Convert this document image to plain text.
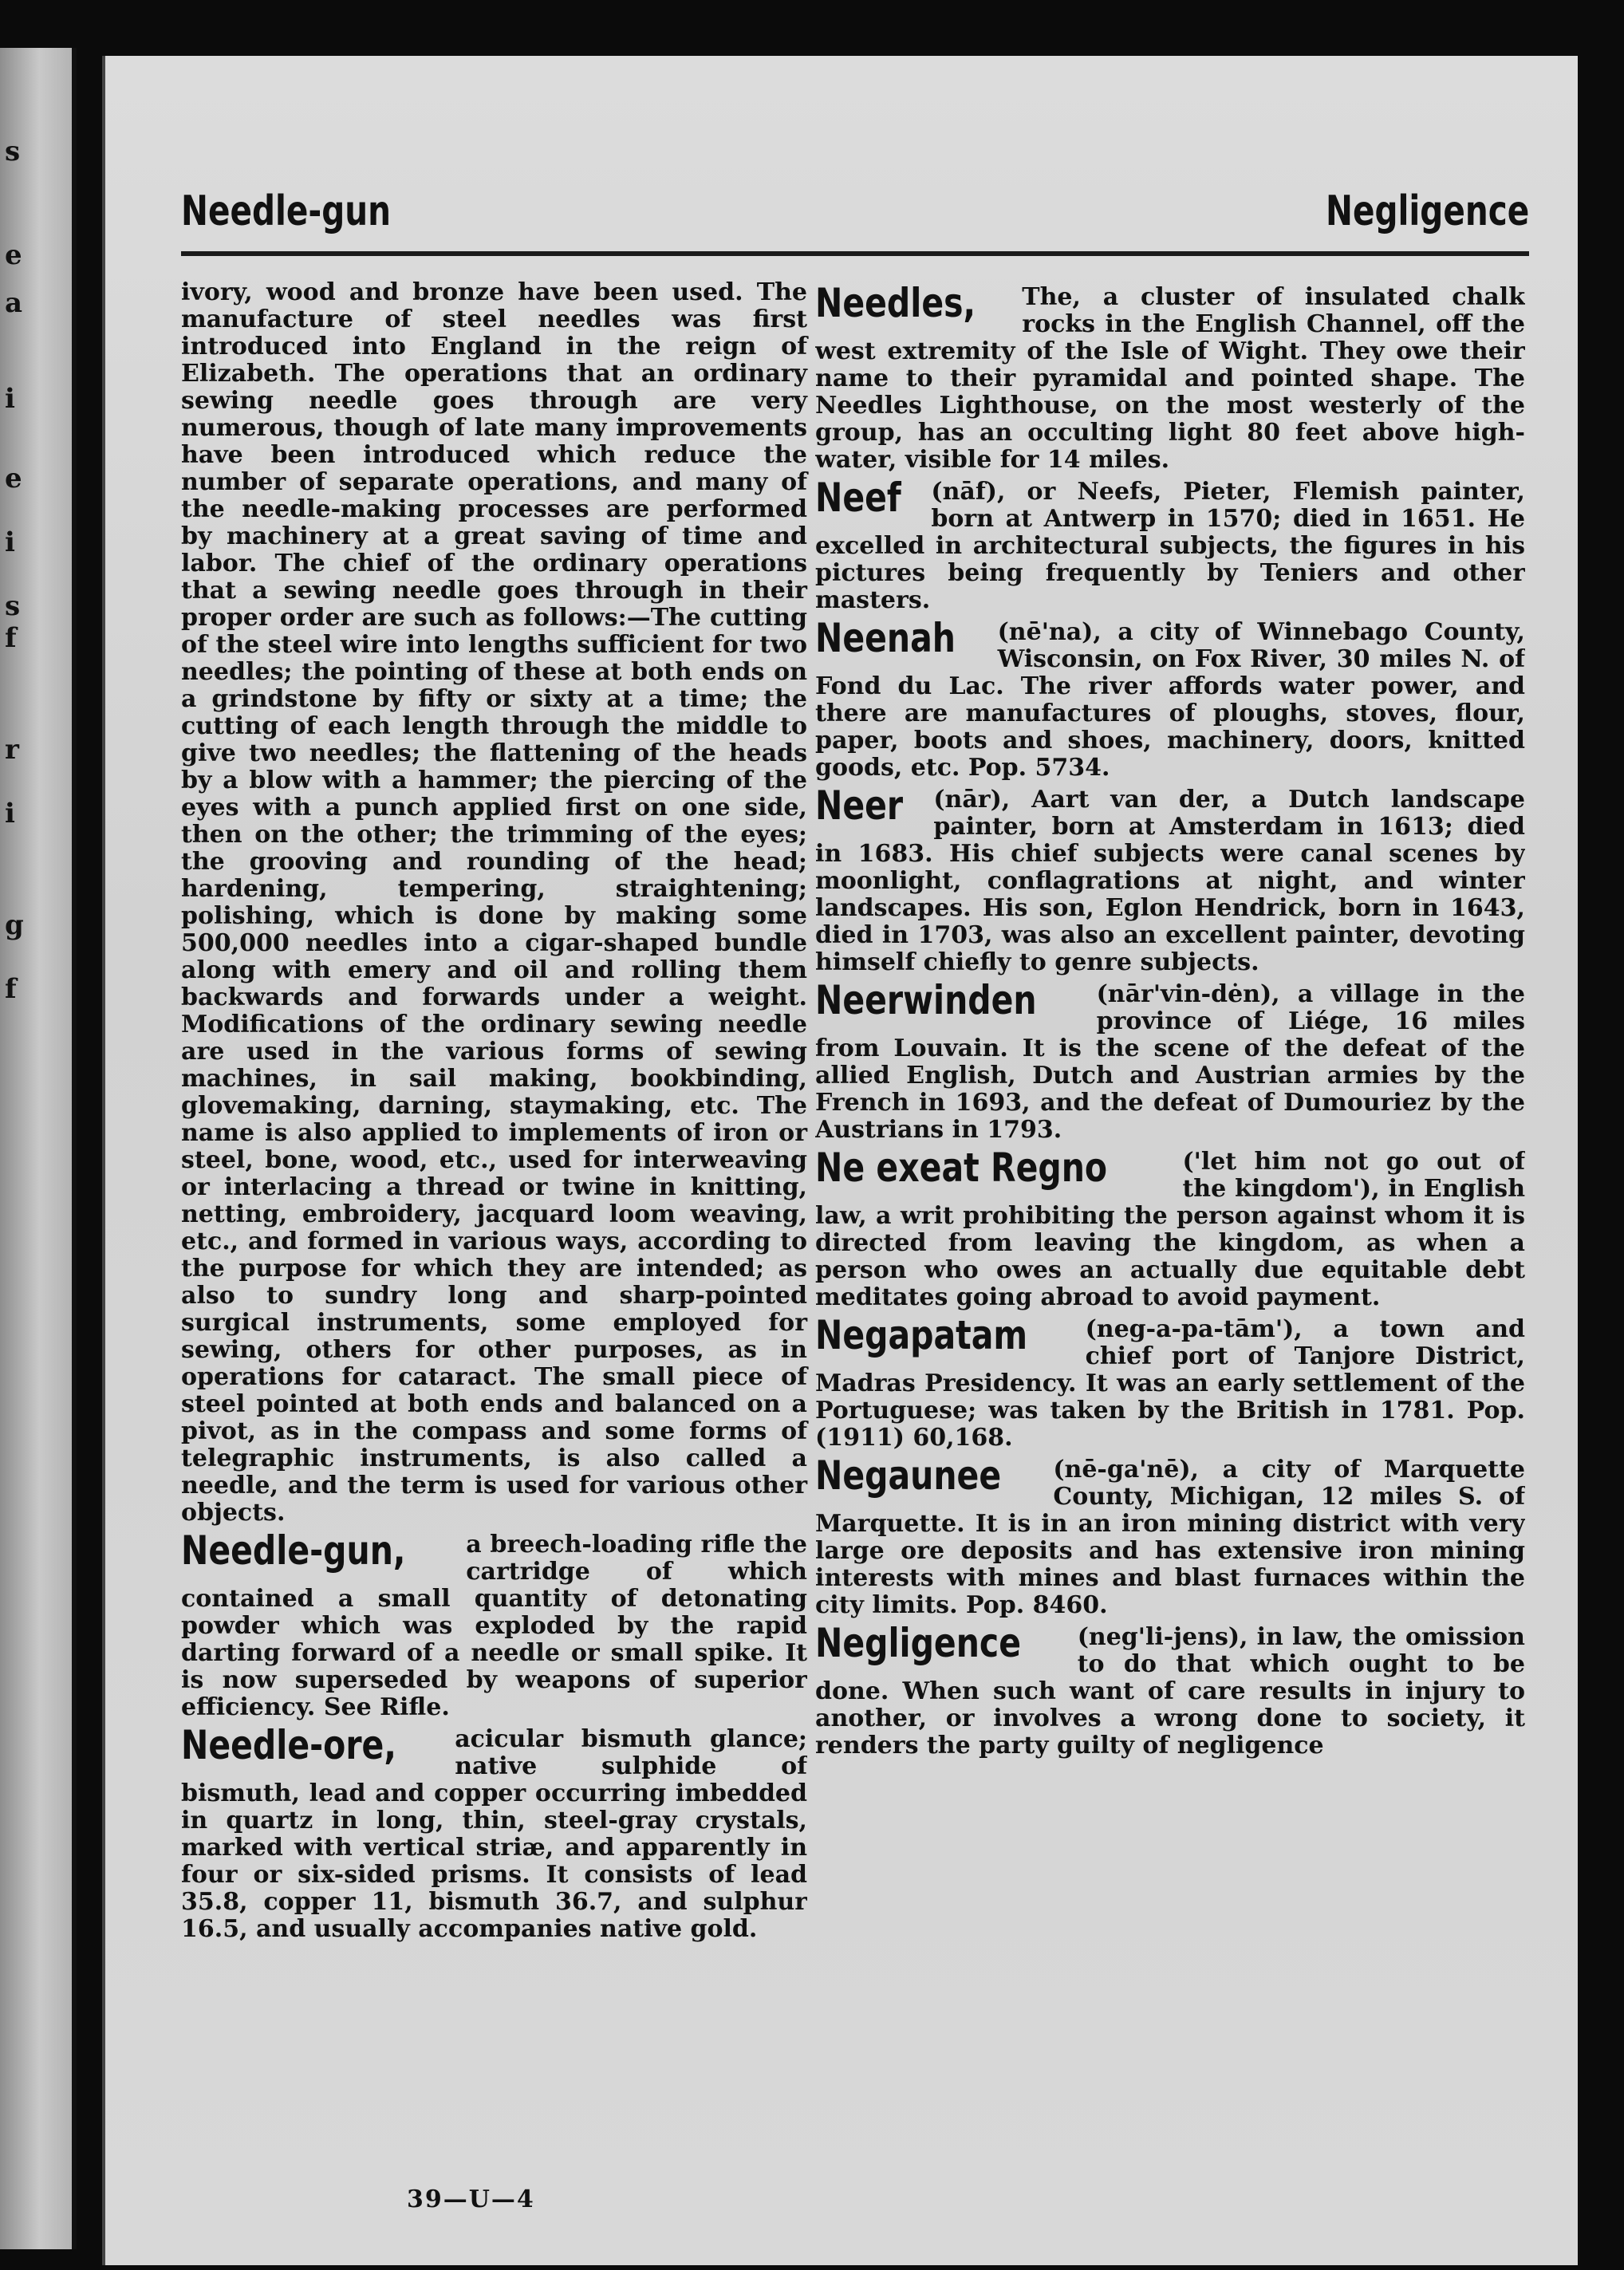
s
e
a
i
e
i
s
f
r
i
g
f
Needle-gun	Negligence

ivory, wood and bronze have been used. The manufacture of steel needles was first introduced into England in the reign of Elizabeth. The operations that an ordinary sewing needle goes through are very numerous, though of late many improvements have been introduced which reduce the number of separate operations, and many of the needle-making processes are performed by machinery at a great saving of time and labor. The chief of the ordinary operations that a sewing needle goes through in their proper order are such as follows:—The cutting of the steel wire into lengths sufficient for two needles; the pointing of these at both ends on a grindstone by fifty or sixty at a time; the cutting of each length through the middle to give two needles; the flattening of the heads by a blow with a hammer; the piercing of the eyes with a punch applied first on one side, then on the other; the trimming of the eyes; the grooving and rounding of the head; hardening, tempering, straightening; polishing, which is done by making some 500,000 needles into a cigar-shaped bundle along with emery and oil and rolling them backwards and forwards under a weight. Modifications of the ordinary sewing needle are used in the various forms of sewing machines, in sail making, bookbinding, glovemaking, darning, staymaking, etc. The name is also applied to implements of iron or steel, bone, wood, etc., used for interweaving or interlacing a thread or twine in knitting, netting, embroidery, jacquard loom weaving, etc., and formed in various ways, according to the purpose for which they are intended; as also to sundry long and sharp-pointed surgical instruments, some employed for sewing, others for other purposes, as in operations for cataract. The small piece of steel pointed at both ends and balanced on a pivot, as in the compass and some forms of telegraphic instruments, is also called a needle, and the term is used for various other objects.

Needle-gun,	a breech-loading rifle the cartridge of which contained a small quantity of detonating powder which was exploded by the rapid darting forward of a needle or small spike. It is now superseded by weapons of superior efficiency. See Rifle.
Needle-ore, acicular bismuth glance; native sulphide of bismuth, lead and copper occurring imbedded in quartz in long, thin, steel-gray crystals, marked with vertical striæ, and apparently in four or six-sided prisms. It consists of lead 35.8, copper 11, bismuth 36.7, and sulphur 16.5, and usually accompanies native gold.
Needles, The, a cluster of insulated chalk rocks in the English Channel, off the west extremity of the Isle of Wight. They owe their name to their pyramidal and pointed shape. The Needles Lighthouse, on the most westerly of the group, has an occulting light 80 feet above high-water, visible for 14 miles.
Neef (nāf), or Neefs, Pieter, Flemish painter, born at Antwerp in 1570; died in 1651. He excelled in architectural subjects, the figures in his pictures being frequently by Teniers and other masters.
Neenah (nē'na), a city of Winnebago County, Wisconsin, on Fox River, 30 miles N. of Fond du Lac. The river affords water power, and there are manufactures of ploughs, stoves, flour, paper, boots and shoes, machinery, doors, knitted goods, etc. Pop. 5734.
Neer (nār), Aart van der, a Dutch landscape painter, born at Amsterdam in 1613; died in 1683. His chief subjects were canal scenes by moonlight, conflagrations at night, and winter landscapes. His son, Eglon Hendrick, born in 1643, died in 1703, was also an excellent painter, devoting himself chiefly to genre subjects.
Neerwinden (nār'vin-dėn), a village in the province of Liége, 16 miles from Louvain. It is the scene of the defeat of the allied English, Dutch and Austrian armies by the French in 1693, and the defeat of Dumouriez by the Austrians in 1793.
Ne exeat Regno	('let him not go out of the kingdom'), in English law, a writ prohibiting the person against whom it is directed from leaving the kingdom, as when a person who owes an actually due equitable debt meditates going abroad to avoid payment.
Negapatam (neg-a-pa-tām'), a town and chief port of Tanjore District, Madras Presidency. It was an early settlement of the Portuguese; was taken by the British in 1781. Pop. (1911) 60,168.
Negaunee (nē-ga'nē), a city of Marquette County, Michigan, 12 miles S. of Marquette. It is in an iron mining district with very large ore deposits and has extensive iron mining interests with mines and blast furnaces within the city limits. Pop. 8460.
Negligence (neg'li-jens), in law, the omission to do that which ought to be done. When such want of care results in injury to another, or involves a wrong done to society, it renders the party guilty of negligence
39—U—4
